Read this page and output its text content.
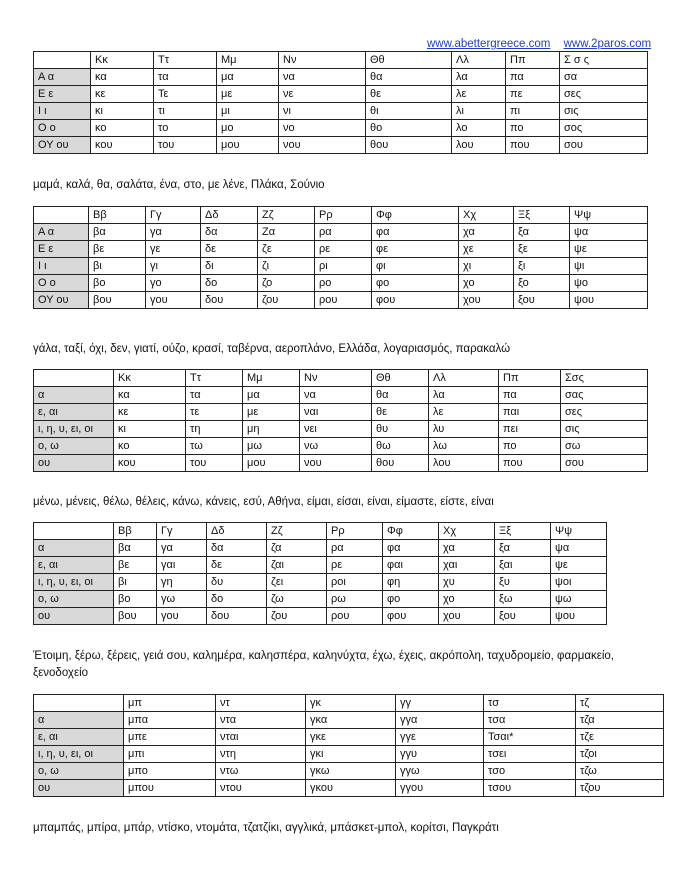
www.abettergreece.com www.2paros.com
	Κκ	Ττ	Μμ	Νν	Θθ	Λλ	Ππ	Σ σ ς
Α α	κα	τα	μα	να	θα	λα	πα	σα
Ε ε	κε	Τε	με	νε	θε	λε	πε	σες
Ι ι	κι	τι	μι	νι	θι	λι	πι	σις
Ο ο	κο	το	μο	νο	θο	λο	πο	σος
ΟΥ ου	κου	του	μου	νου	θου	λου	που	σου
μαμά, καλά, θα, σαλάτα, ένα, στο, με λένε, Πλάκα, Σούνιο
	Ββ	Γγ	Δδ	Ζζ	Ρρ	Φφ	Χχ	Ξξ	Ψψ
Α α	βα	γα	δα	Ζα	ρα	φα	χα	ξα	ψα
Ε ε	βε	γε	δε	ζε	ρε	φε	χε	ξε	ψε
Ι ι	βι	γι	δι	ζι	ρι	φι	χι	ξι	ψι
Ο ο	βο	γο	δο	ζο	ρο	φο	χο	ξο	ψο
ΟΥ ου	βου	γου	δου	ζου	ρου	φου	χου	ξου	ψου
γάλα, ταξί, όχι, δεν, γιατί, ούζο, κρασί, ταβέρνα, αεροπλάνο, Ελλάδα, λογαριασμός, παρακαλώ
	Κκ	Ττ	Μμ	Νν	Θθ	Λλ	Ππ	Σσς
α	κα	τα	μα	να	θα	λα	πα	σας
ε, αι	κε	τε	με	ναι	θε	λε	παι	σες
ι, η, υ, ει, οι	κι	τη	μη	νει	θυ	λυ	πει	σις
ο, ω	κο	τω	μω	νω	θω	λω	πο	σω
ου	κου	του	μου	νου	θου	λου	που	σου
μένω, μένεις, θέλω, θέλεις, κάνω, κάνεις, εσύ, Αθήνα, είμαι, είσαι, είναι, είμαστε, είστε, είναι
	Ββ	Γγ	Δδ	Ζζ	Ρρ	Φφ	Χχ	Ξξ	Ψψ
α	βα	γα	δα	ζα	ρα	φα	χα	ξα	ψα
ε, αι	βε	γαι	δε	ζαι	ρε	φαι	χαι	ξαι	ψε
ι, η, υ, ει, οι	βι	γη	δυ	ζει	ροι	φη	χυ	ξυ	ψοι
ο, ω	βο	γω	δο	ζω	ρω	φο	χο	ξω	ψω
ου	βου	γου	δου	ζου	ρου	φου	χου	ξου	ψου
Έτοιμη, ξέρω, ξέρεις, γειά σου, καλημέρα, καλησπέρα, καληνύχτα, έχω, έχεις, ακρόπολη, ταχυδρομείο, φαρμακείο, ξενοδοχείο
	μπ	ντ	γκ	γγ	τσ	τζ
α	μπα	ντα	γκα	γγα	τσα	τζα
ε, αι	μπε	νται	γκε	γγε	Τσαι*	τζε
ι, η, υ, ει, οι	μπι	ντη	γκι	γγυ	τσει	τζοι
ο, ω	μπο	ντω	γκω	γγω	τσο	τζω
ου	μπου	ντου	γκου	γγου	τσου	τζου
μπαμπάς, μπίρα, μπάρ, ντίσκο, ντομάτα, τζατζίκι, αγγλικά, μπάσκετ-μπολ, κορίτσι, Παγκράτι
